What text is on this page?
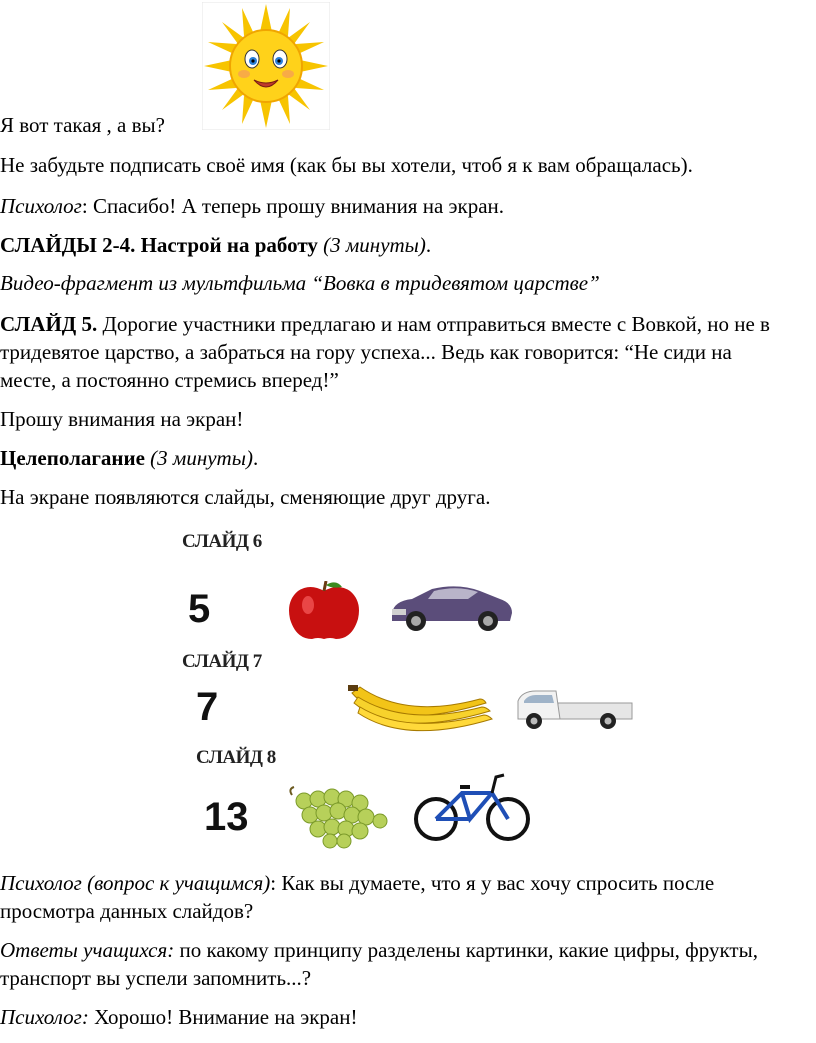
Я вот такая , а вы?
Не забудьте подписать своё имя (как бы вы хотели, чтоб я к вам обращалась).
Психолог: Спасибо! А теперь прошу внимания на экран.
СЛАЙДЫ 2-4. Настрой на работу (3 минуты).
Видео-фрагмент из мультфильма “Вовка в тридевятом царстве”
СЛАЙД 5. Дорогие участники предлагаю и нам отправиться вместе с Вовкой, но не в тридевятое царство, а забраться на гору успеха... Ведь как говорится: “Не сиди на месте, а постоянно стремись вперед!”
Прошу внимания на экран!
Целеполагание (3 минуты).
На экране появляются слайды, сменяющие друг друга.
СЛАЙД 6
5
СЛАЙД 7
7
СЛАЙД 8
13
Психолог (вопрос к учащимся): Как вы думаете, что я у вас хочу спросить после просмотра данных слайдов?
Ответы учащихся: по какому принципу разделены картинки, какие цифры, фрукты, транспорт вы успели запомнить...?
Психолог: Хорошо! Внимание на экран!
